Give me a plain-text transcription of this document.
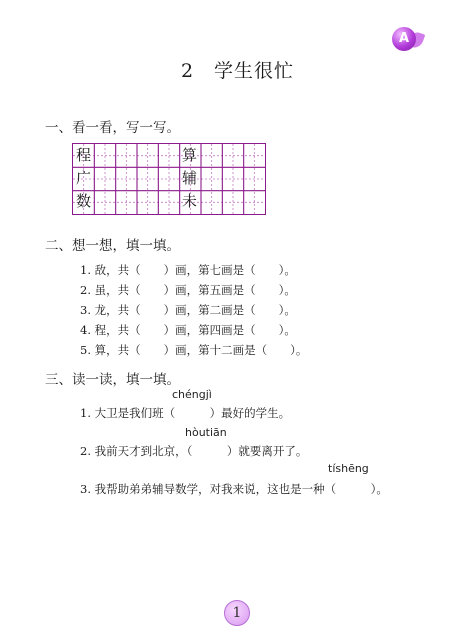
A
2　学生很忙
一、看一看，写一写。
程
广
数
算
辅
未
二、想一想，填一填。
1. 敌，共（　　）画，第七画是（　　）。
2. 虽，共（　　）画，第五画是（　　）。
3. 龙，共（　　）画，第二画是（　　）。
4. 程，共（　　）画，第四画是（　　）。
5. 算，共（　　）画，第十二画是（　　）。
三、读一读，填一填。
chéngjì
1. 大卫是我们班（　　　）最好的学生。
hòutiān
2. 我前天才到北京，（　　　）就要离开了。
tíshēng
3. 我帮助弟弟辅导数学，对我来说，这也是一种（　　　）。
1
